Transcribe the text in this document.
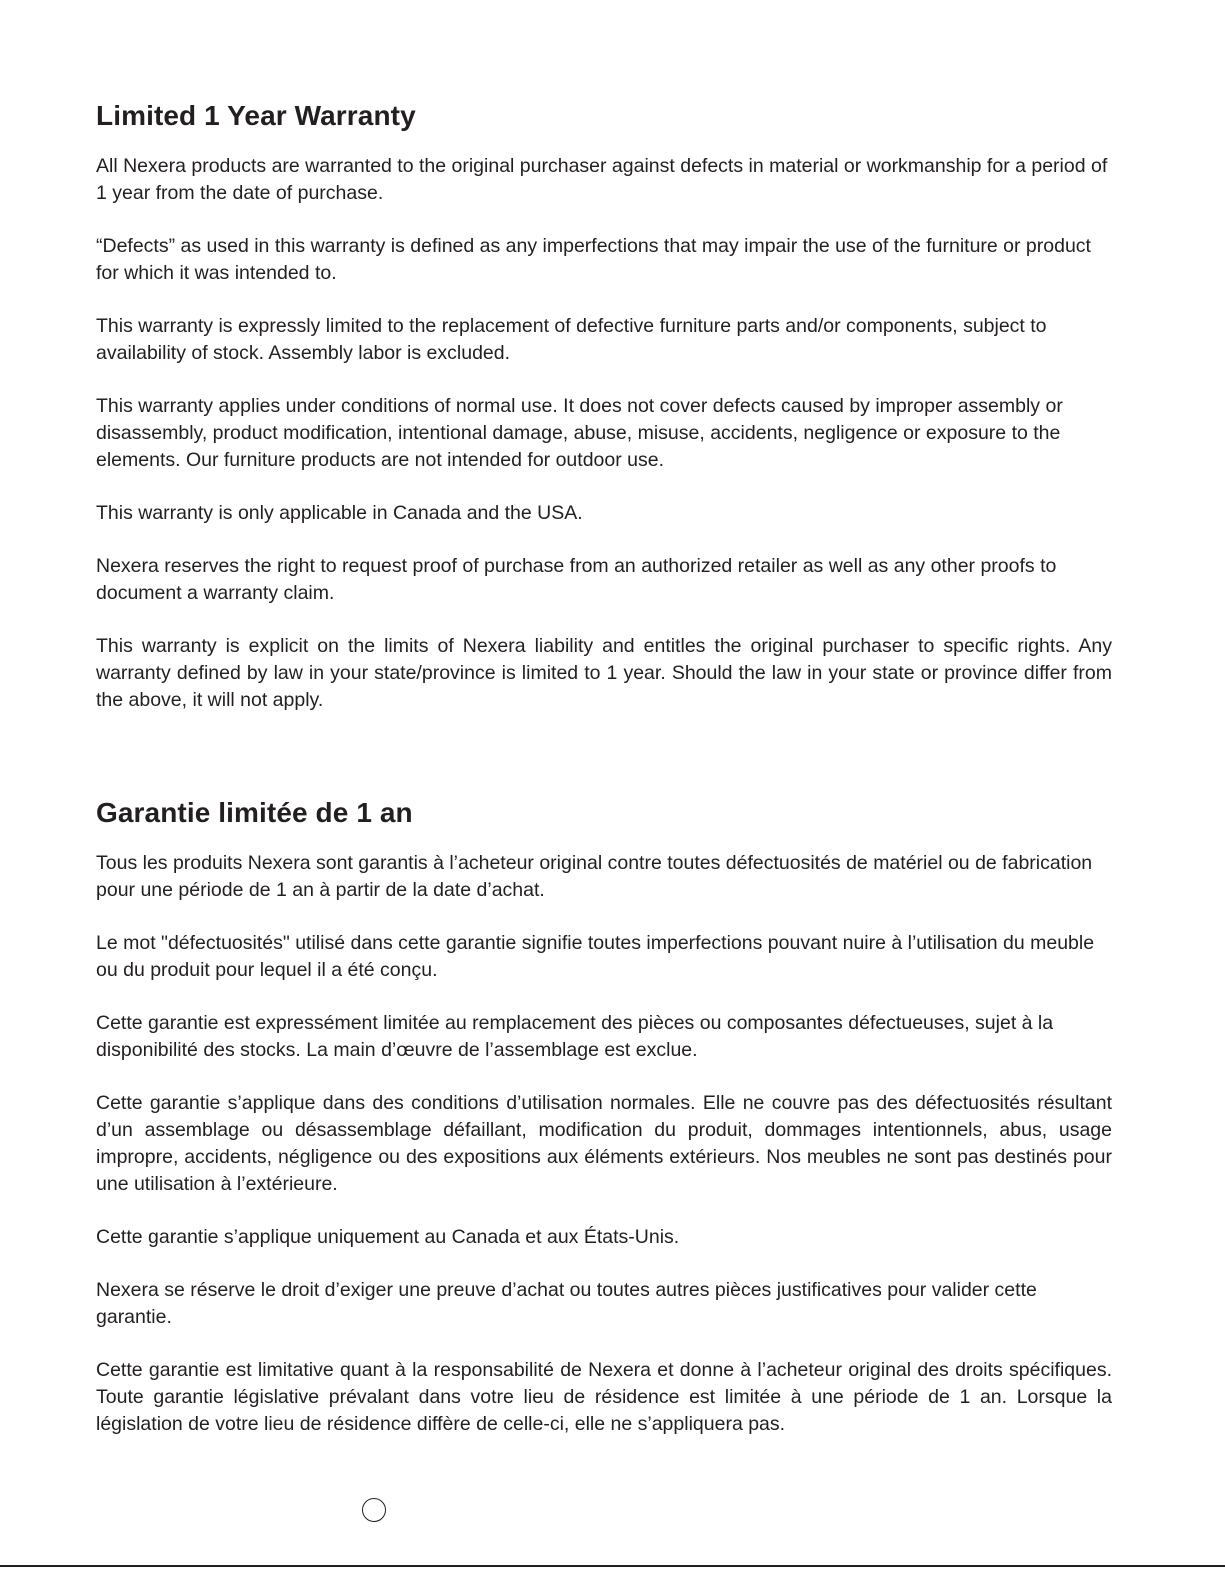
Limited 1 Year Warranty

All Nexera products are warranted to the original purchaser against defects in material or workmanship for a period of 1 year from the date of purchase.

“Defects” as used in this warranty is defined as any imperfections that may impair the use of the furniture or product for which it was intended to.

This warranty is expressly limited to the replacement of defective furniture parts and/or components, subject to availability of stock. Assembly labor is excluded.

This warranty applies under conditions of normal use. It does not cover defects caused by improper assembly or disassembly, product modification, intentional damage, abuse, misuse, accidents, negligence or exposure to the elements. Our furniture products are not intended for outdoor use.

This warranty is only applicable in Canada and the USA.

Nexera reserves the right to request proof of purchase from an authorized retailer as well as any other proofs to document a warranty claim.

This warranty is explicit on the limits of Nexera liability and entitles the original purchaser to specific rights. Any warranty defined by law in your state/province is limited to 1 year. Should the law in your state or province differ from the above, it will not apply.

Garantie limitée de 1 an

Tous les produits Nexera sont garantis à l’acheteur original contre toutes défectuosités de matériel ou de fabrication pour une période de 1 an à partir de la date d’achat.

Le mot "défectuosités" utilisé dans cette garantie signifie toutes imperfections pouvant nuire à l’utilisation du meuble ou du produit pour lequel il a été conçu.

Cette garantie est expressément limitée au remplacement des pièces ou composantes défectueuses, sujet à la disponibilité des stocks. La main d’œuvre de l’assemblage est exclue.

Cette garantie s’applique dans des conditions d’utilisation normales. Elle ne couvre pas des défectuosités résultant d’un assemblage ou désassemblage défaillant, modification du produit, dommages intentionnels, abus, usage impropre, accidents, négligence ou des expositions aux éléments extérieurs. Nos meubles ne sont pas destinés pour une utilisation à l’extérieure.

Cette garantie s’applique uniquement au Canada et aux États-Unis.

Nexera se réserve le droit d’exiger une preuve d’achat ou toutes autres pièces justificatives pour valider cette garantie.

Cette garantie est limitative quant à la responsabilité de Nexera et donne à l’acheteur original des droits spécifiques. Toute garantie législative prévalant dans votre lieu de résidence est limitée à une période de 1 an. Lorsque la législation de votre lieu de résidence diffère de celle-ci, elle ne s’appliquera pas.
